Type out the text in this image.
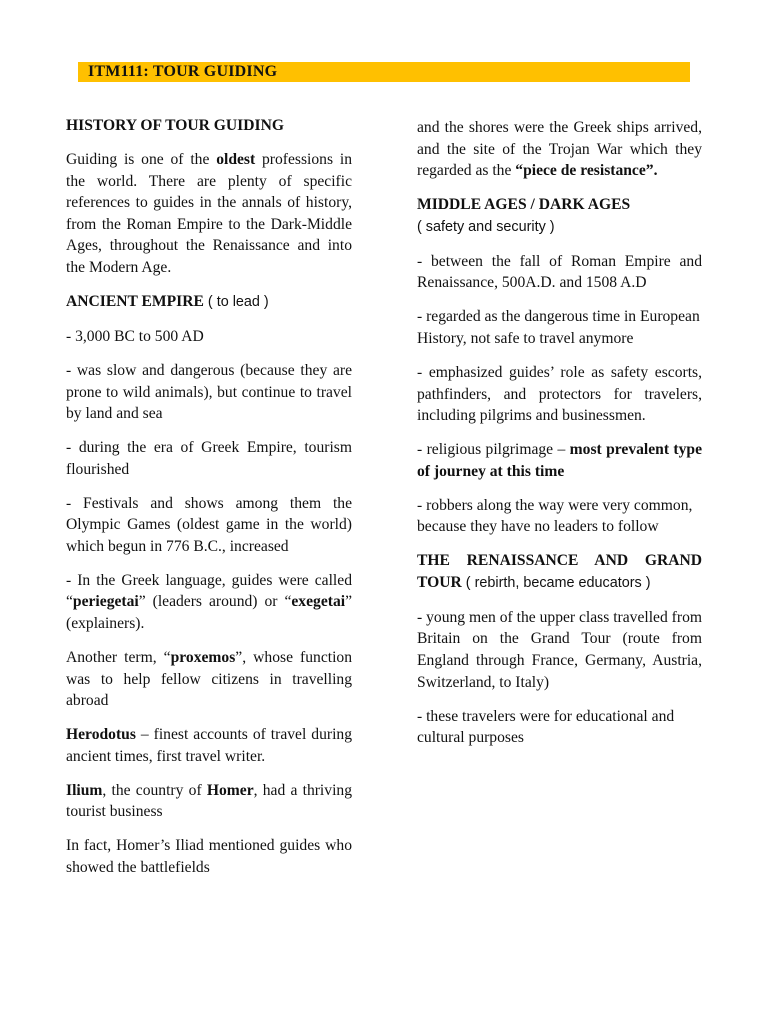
ITM111: TOUR GUIDING

HISTORY OF TOUR GUIDING

Guiding is one of the oldest professions in the world. There are plenty of specific references to guides in the annals of history, from the Roman Empire to the Dark-Middle Ages, throughout the Renaissance and into the Modern Age.

ANCIENT EMPIRE ( to lead )

- 3,000 BC to 500 AD

- was slow and dangerous (because they are prone to wild animals), but continue to travel by land and sea

- during the era of Greek Empire, tourism flourished

- Festivals and shows among them the Olympic Games (oldest game in the world) which begun in 776 B.C., increased

- In the Greek language, guides were called “periegetai” (leaders around) or “exegetai” (explainers).

Another term, “proxemos”, whose function was to help fellow citizens in travelling abroad

Herodotus – finest accounts of travel during ancient times, first travel writer.

Ilium, the country of Homer, had a thriving tourist business

In fact, Homer’s Iliad mentioned guides who showed the battlefields

and the shores were the Greek ships arrived, and the site of the Trojan War which they regarded as the “piece de resistance”.

MIDDLE AGES / DARK AGES
( safety and security )

- between the fall of Roman Empire and Renaissance, 500A.D. and 1508 A.D

- regarded as the dangerous time in European History, not safe to travel anymore

- emphasized guides’ role as safety escorts, pathfinders, and protectors for travelers, including pilgrims and businessmen.

- religious pilgrimage – most prevalent type of journey at this time

- robbers along the way were very common, because they have no leaders to follow

THE RENAISSANCE AND GRAND TOUR ( rebirth, became educators )

- young men of the upper class travelled from Britain on the Grand Tour (route from England through France, Germany, Austria, Switzerland, to Italy)

- these travelers were for educational and cultural purposes
